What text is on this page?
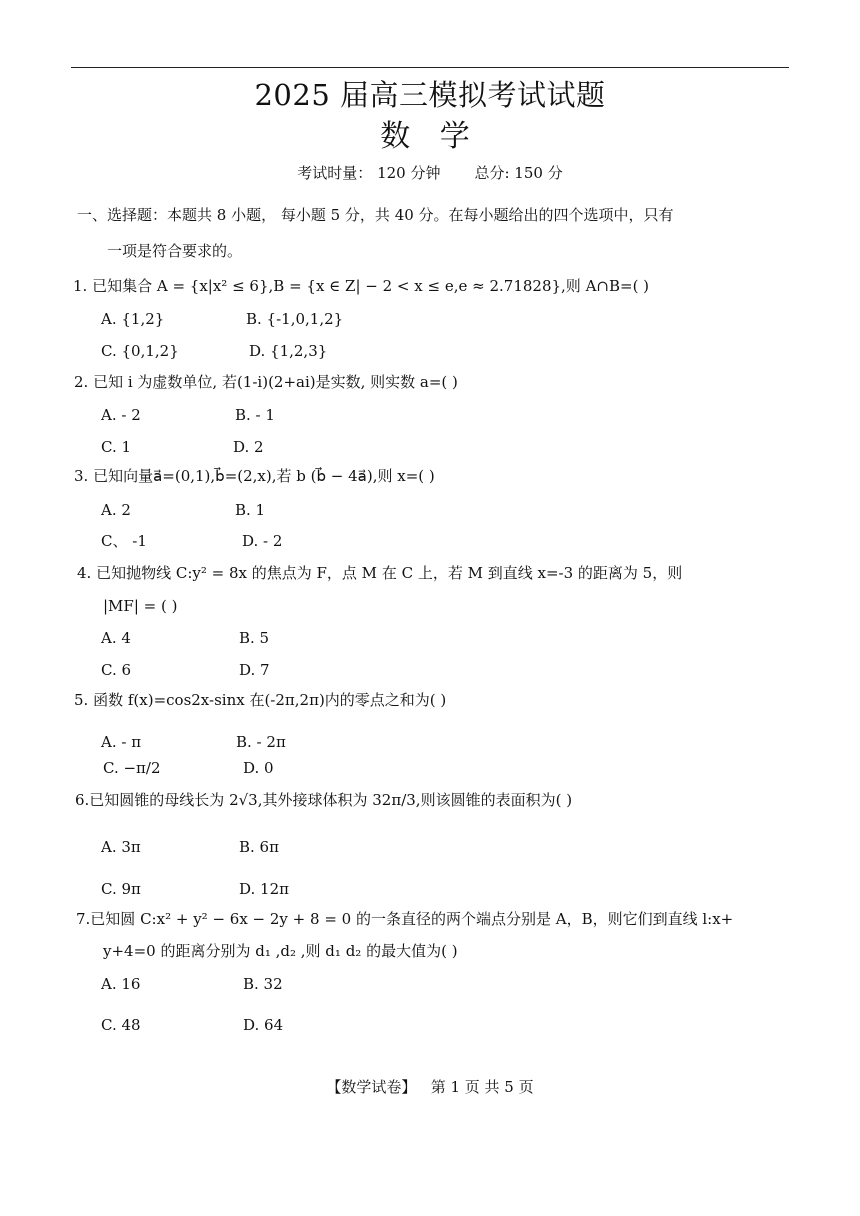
2025 届高三模拟考试试题
数 学
考试时量： 120 分钟 总分: 150 分
一、选择题：本题共 8 小题， 每小题 5 分，共 40 分。在每小题给出的四个选项中，只有
一项是符合要求的。
1. 已知集合 A = {x|x² ≤ 6},B = {x ∈ Z| − 2 < x ≤ e,e ≈ 2.71828},则 A∩B=( )
A. {1,2}	B. {-1,0,1,2}
C. {0,1,2}	D. {1,2,3}
2. 已知 i 为虚数单位, 若(1-i)(2+ai)是实数, 则实数 a=( )
A. - 2	B. - 1
C. 1	D. 2
3. 已知向量a⃗=(0,1),b⃗=(2,x),若 b (b⃗ − 4a⃗),则 x=( )
A. 2	B. 1
C、 -1	D. - 2
4. 已知抛物线 C:y² = 8x 的焦点为 F，点 M 在 C 上，若 M 到直线 x=-3 的距离为 5，则
|MF| = ( )
A. 4	B. 5
C. 6	D. 7
5. 函数 f(x)=cos2x-sinx 在(-2π,2π)内的零点之和为( )
A. - π	B. - 2π
C. −π/2	D. 0
6.已知圆锥的母线长为 2√3,其外接球体积为 32π/3,则该圆锥的表面积为( )
A. 3π	B. 6π
C. 9π	D. 12π
7.已知圆 C:x² + y² − 6x − 2y + 8 = 0 的一条直径的两个端点分别是 A，B，则它们到直线 l:x+
y+4=0 的距离分别为 d₁ ,d₂ ,则 d₁ d₂ 的最大值为( )
A. 16	B. 32
C. 48	D. 64
【数学试卷】 第 1 页 共 5 页
